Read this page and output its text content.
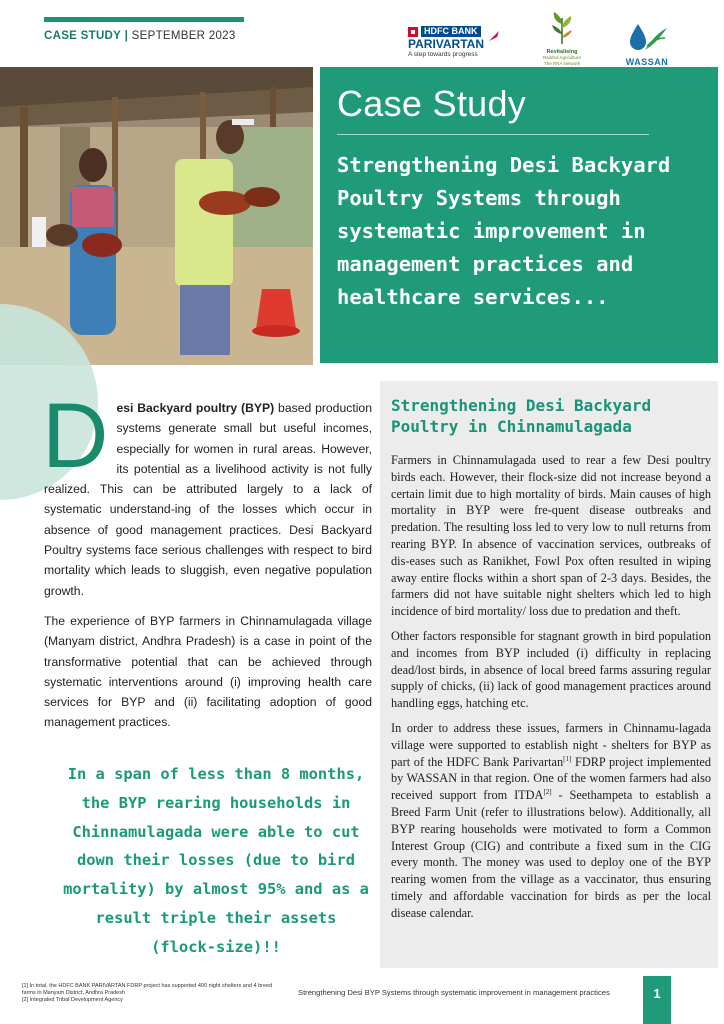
CASE STUDY | SEPTEMBER 2023	HDFC BANK
PARIVARTAN
A step towards progress	Revitalising
Rainfed Agriculture
The RRA Network	WASSAN
Case Study
Strengthening Desi Backyard Poultry Systems through systematic improvement in management practices and healthcare services...

D esi Backyard poultry (BYP) based production systems generate small but useful incomes, especially for women in rural areas. However, its potential as a livelihood activity is not fully realized. This can be attributed largely to a lack of systematic understand-ing of the losses which occur in absence of good management practices. Desi Backyard Poultry systems face serious challenges with respect to bird mortality which leads to sluggish, even negative population growth.

The experience of BYP farmers in Chinnamulagada village (Manyam district, Andhra Pradesh) is a case in point of the transformative potential that can be achieved through systematic interventions around (i) improving health care services for BYP and (ii) facilitating adoption of good management practices.

In a span of less than 8 months, the BYP rearing households in Chinnamulagada were able to cut down their losses (due to bird mortality) by almost 95% and as a result triple their assets (flock-size)!!
Strengthening Desi Backyard Poultry in Chinnamulagada

Farmers in Chinnamulagada used to rear a few Desi poultry birds each. However, their flock-size did not increase beyond a certain limit due to high mortality of birds. Main causes of high mortality in BYP were fre-quent disease outbreaks and predation. The resulting loss led to very low to null returns from rearing BYP. In absence of vaccination services, outbreaks of dis-eases such as Ranikhet, Fowl Pox often resulted in wiping away entire flocks within a short span of 2-3 days. Besides, the farmers did not have suitable night shelters which led to high incidence of bird mortality/ loss due to predation and theft.

Other factors responsible for stagnant growth in bird population and incomes from BYP included (i) difficulty in replacing dead/lost birds, in absence of local breed farms assuring regular supply of chicks, (ii) lack of good management practices around handling eggs, hatching etc.

In order to address these issues, farmers in Chinnamu-lagada village were supported to establish night - shelters for BYP as part of the HDFC Bank Parivartan[1] FDRP project implemented by WASSAN in that region. One of the women farmers had also received support from ITDA[2] - Seethampeta to establish a Breed Farm Unit (refer to illustrations below). Additionally, all BYP rearing households were motivated to form a Common Interest Group (CIG) and contribute a fixed sum in the CIG every month. The money was used to deploy one of the BYP rearing women from the village as a vaccinator, thus ensuring timely and affordable vaccination for birds as per the local disease calendar.

[1] In total, the HDFC BANK PARIVARTAN FDRP project has supported 400 night shelters and 4 breed farms in Manyam District, Andhra Pradesh
[2] Integrated Tribal Development Agency
Strengthening Desi BYP Systems through systematic improvement in management practices	1
